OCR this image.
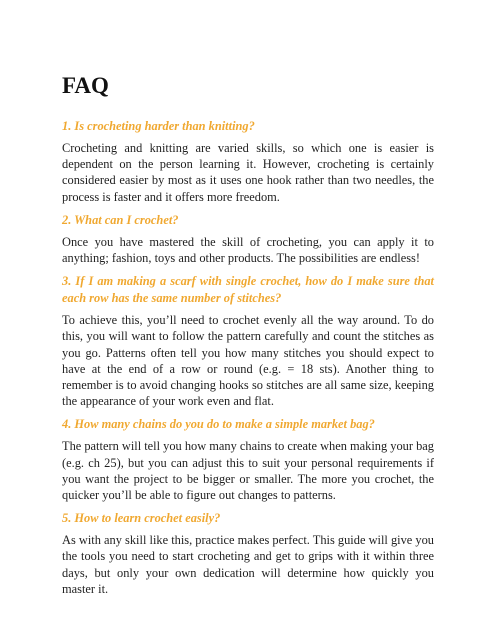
FAQ

1. Is crocheting harder than knitting?

Crocheting and knitting are varied skills, so which one is easier is dependent on the person learning it. However, crocheting is certainly considered easier by most as it uses one hook rather than two needles, the process is faster and it offers more freedom.

2. What can I crochet?

Once you have mastered the skill of crocheting, you can apply it to anything; fashion, toys and other products. The possibilities are endless!

3. If I am making a scarf with single crochet, how do I make sure that each row has the same number of stitches?

To achieve this, you’ll need to crochet evenly all the way around. To do this, you will want to follow the pattern carefully and count the stitches as you go. Patterns often tell you how many stitches you should expect to have at the end of a row or round (e.g. = 18 sts). Another thing to remember is to avoid changing hooks so stitches are all same size, keeping the appearance of your work even and flat.

4. How many chains do you do to make a simple market bag?

The pattern will tell you how many chains to create when making your bag (e.g. ch 25), but you can adjust this to suit your personal requirements if you want the project to be bigger or smaller. The more you crochet, the quicker you’ll be able to figure out changes to patterns.

5. How to learn crochet easily?

As with any skill like this, practice makes perfect. This guide will give you the tools you need to start crocheting and get to grips with it within three days, but only your own dedication will determine how quickly you master it.
